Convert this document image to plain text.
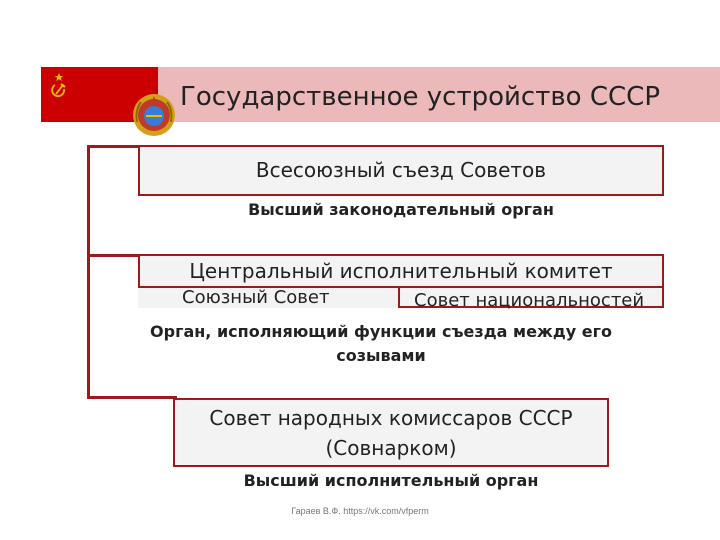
Государственное устройство СССР
Всесоюзный съезд Советов
Высший законодательный орган
Центральный исполнительный комитет
Союзный Совет	Совет национальностей
Орган, исполняющий функции съезда между его созывами
Совет народных комиссаров СССР (Совнарком)
Высший исполнительный орган
Гараев В.Ф. https://vk.com/vfperm
